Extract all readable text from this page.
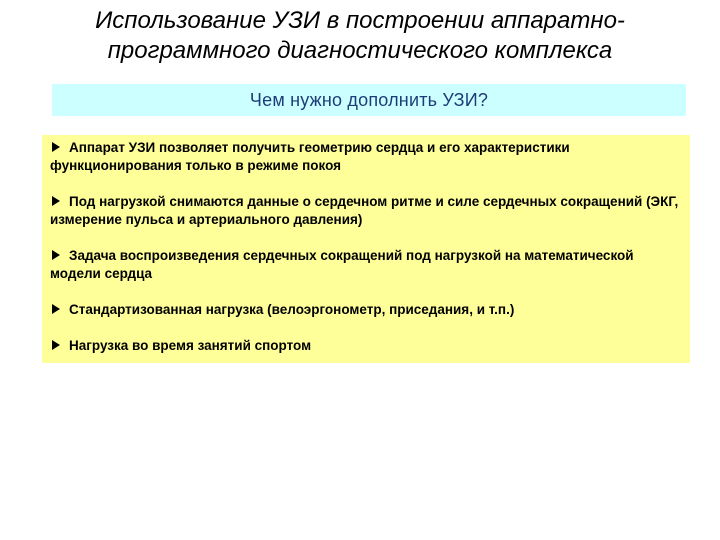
Использование УЗИ в построении аппаратно-программного диагностического комплекса
Чем нужно дополнить УЗИ?
Аппарат УЗИ позволяет получить геометрию сердца и его характеристики функционирования только в режиме покоя
Под нагрузкой снимаются данные о сердечном ритме и силе сердечных сокращений (ЭКГ, измерение пульса и артериального давления)
Задача воспроизведения сердечных сокращений под нагрузкой на математической модели сердца
Стандартизованная нагрузка (велоэргонометр, приседания, и т.п.)
Нагрузка во время занятий спортом
